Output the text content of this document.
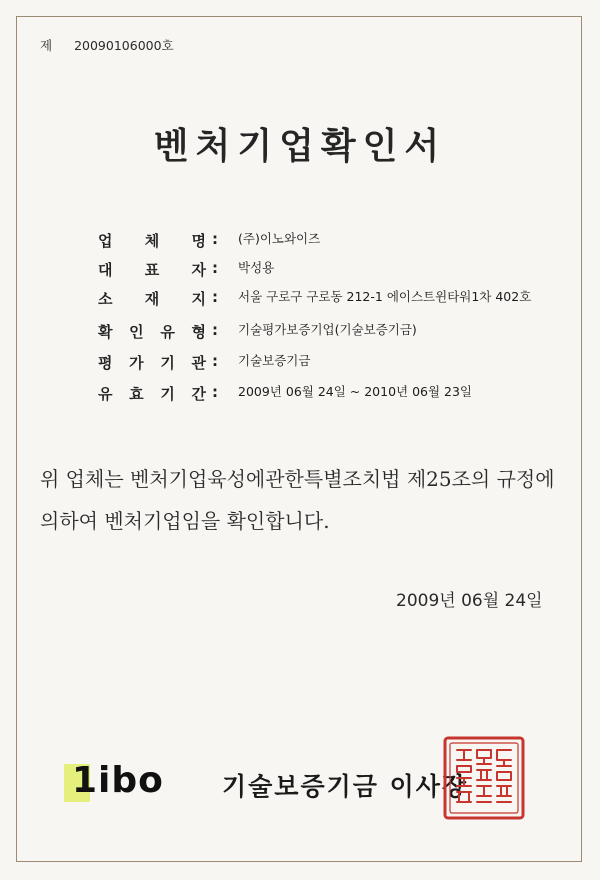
제 20090106000호
벤처기업확인서
업 체 명 : (주)이노와이즈
대 표 자 : 박성용
소 재 지 : 서울 구로구 구로동 212-1 에이스트윈타워1차 402호
확 인 유 형 : 기술평가보증기업(기술보증기금)
평 가 기 관 : 기술보증기금
유 효 기 간 : 2009년 06월 24일 ~ 2010년 06월 23일
위 업체는 벤처기업육성에관한특별조치법 제25조의 규정에 의하여 벤처기업임을 확인합니다.
2009년 06월 24일
1ibo 기술보증기금 이사장
